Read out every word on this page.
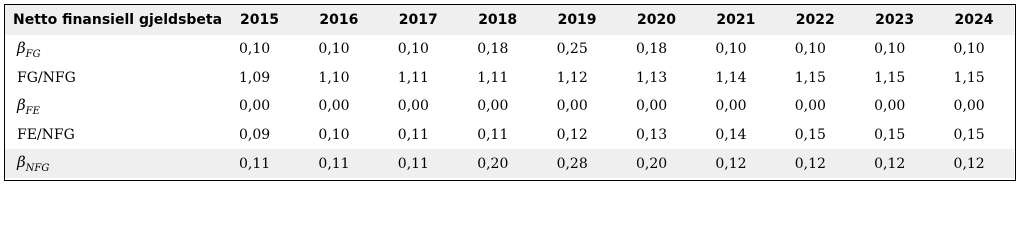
Netto finansiell gjeldsbeta	2015	2016	2017	2018	2019	2020	2021	2022	2023	2024
$\beta_{FG}$	0,10	0,10	0,10	0,18	0,25	0,18	0,10	0,10	0,10	0,10
FG/NFG	1,09	1,10	1,11	1,11	1,12	1,13	1,14	1,15	1,15	1,15
$\beta_{FE}$	0,00	0,00	0,00	0,00	0,00	0,00	0,00	0,00	0,00	0,00
FE/NFG	0,09	0,10	0,11	0,11	0,12	0,13	0,14	0,15	0,15	0,15
$\beta_{NFG}$	0,11	0,11	0,11	0,20	0,28	0,20	0,12	0,12	0,12	0,12
